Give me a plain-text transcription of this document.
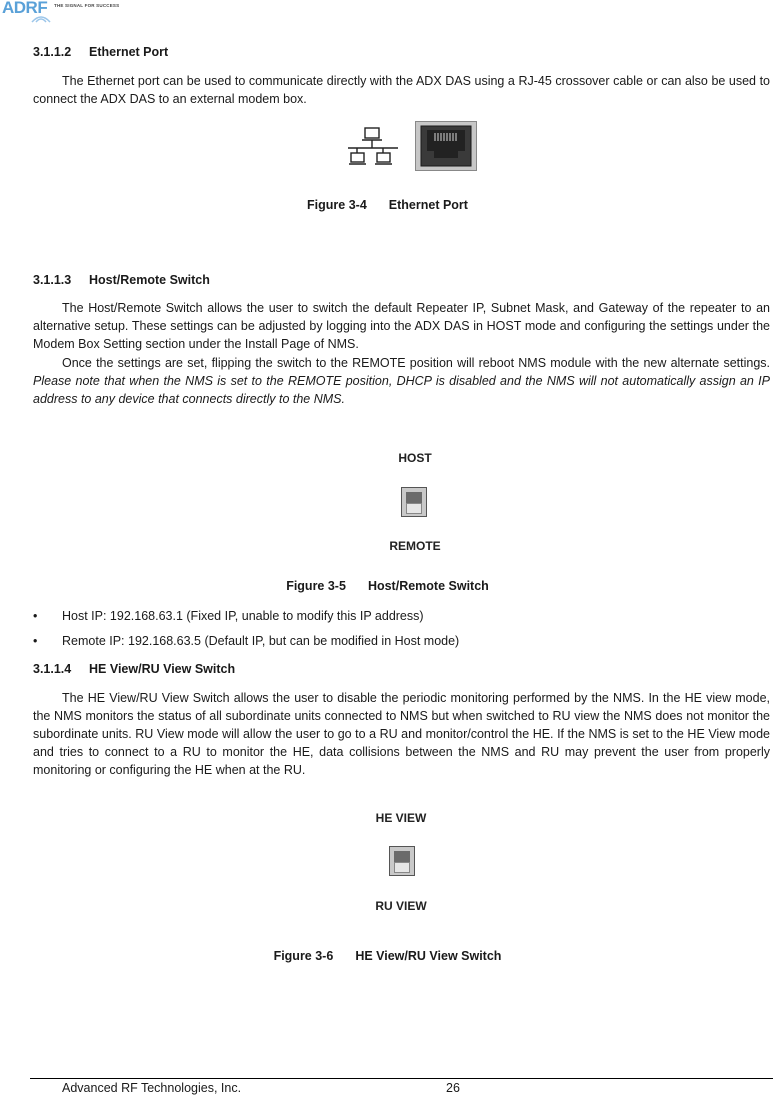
ADRF THE SIGNAL FOR SUCCESS
3.1.1.2 Ethernet Port
The Ethernet port can be used to communicate directly with the ADX DAS using a RJ-45 crossover cable or can also be used to connect the ADX DAS to an external modem box.
Figure 3-4 Ethernet Port
3.1.1.3 Host/Remote Switch
The Host/Remote Switch allows the user to switch the default Repeater IP, Subnet Mask, and Gateway of the repeater to an alternative setup. These settings can be adjusted by logging into the ADX DAS in HOST mode and configuring the settings under the Modem Box Setting section under the Install Page of NMS.
Once the settings are set, flipping the switch to the REMOTE position will reboot NMS module with the new alternate settings. Please note that when the NMS is set to the REMOTE position, DHCP is disabled and the NMS will not automatically assign an IP address to any device that connects directly to the NMS.
HOST
REMOTE
Figure 3-5 Host/Remote Switch
• Host IP: 192.168.63.1 (Fixed IP, unable to modify this IP address)
• Remote IP: 192.168.63.5 (Default IP, but can be modified in Host mode)
3.1.1.4 HE View/RU View Switch
The HE View/RU View Switch allows the user to disable the periodic monitoring performed by the NMS. In the HE view mode, the NMS monitors the status of all subordinate units connected to NMS but when switched to RU view the NMS does not monitor the subordinate units. RU View mode will allow the user to go to a RU and monitor/control the HE. If the NMS is set to the HE View mode and tries to connect to a RU to monitor the HE, data collisions between the NMS and RU may prevent the user from properly monitoring or configuring the HE when at the RU.
HE VIEW
RU VIEW
Figure 3-6 HE View/RU View Switch
Advanced RF Technologies, Inc.	26
